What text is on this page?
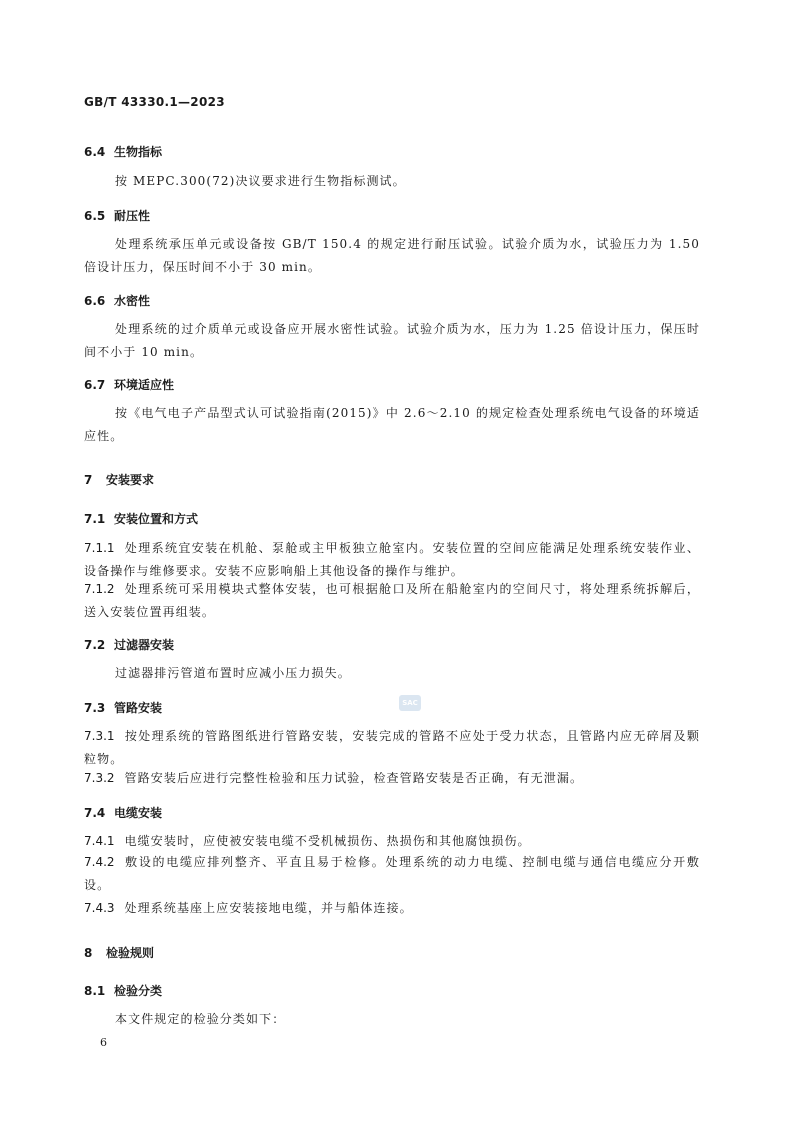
GB/T 43330.1—2023
6.4 生物指标
按 MEPC.300(72)决议要求进行生物指标测试。
6.5 耐压性
处理系统承压单元或设备按 GB/T 150.4 的规定进行耐压试验。试验介质为水，试验压力为 1.50 倍设计压力，保压时间不小于 30 min。
6.6 水密性
处理系统的过介质单元或设备应开展水密性试验。试验介质为水，压力为 1.25 倍设计压力，保压时间不小于 10 min。
6.7 环境适应性
按《电气电子产品型式认可试验指南(2015)》中 2.6～2.10 的规定检查处理系统电气设备的环境适应性。
7 安装要求
7.1 安装位置和方式
7.1.1 处理系统宜安装在机舱、泵舱或主甲板独立舱室内。安装位置的空间应能满足处理系统安装作业、设备操作与维修要求。安装不应影响船上其他设备的操作与维护。
7.1.2 处理系统可采用模块式整体安装，也可根据舱口及所在船舱室内的空间尺寸，将处理系统拆解后，送入安装位置再组装。
7.2 过滤器安装
过滤器排污管道布置时应减小压力损失。
SAC
7.3 管路安装
7.3.1 按处理系统的管路图纸进行管路安装，安装完成的管路不应处于受力状态，且管路内应无碎屑及颗粒物。
7.3.2 管路安装后应进行完整性检验和压力试验，检查管路安装是否正确，有无泄漏。
7.4 电缆安装
7.4.1 电缆安装时，应使被安装电缆不受机械损伤、热损伤和其他腐蚀损伤。
7.4.2 敷设的电缆应排列整齐、平直且易于检修。处理系统的动力电缆、控制电缆与通信电缆应分开敷设。
7.4.3 处理系统基座上应安装接地电缆，并与船体连接。
8 检验规则
8.1 检验分类
本文件规定的检验分类如下：
6
